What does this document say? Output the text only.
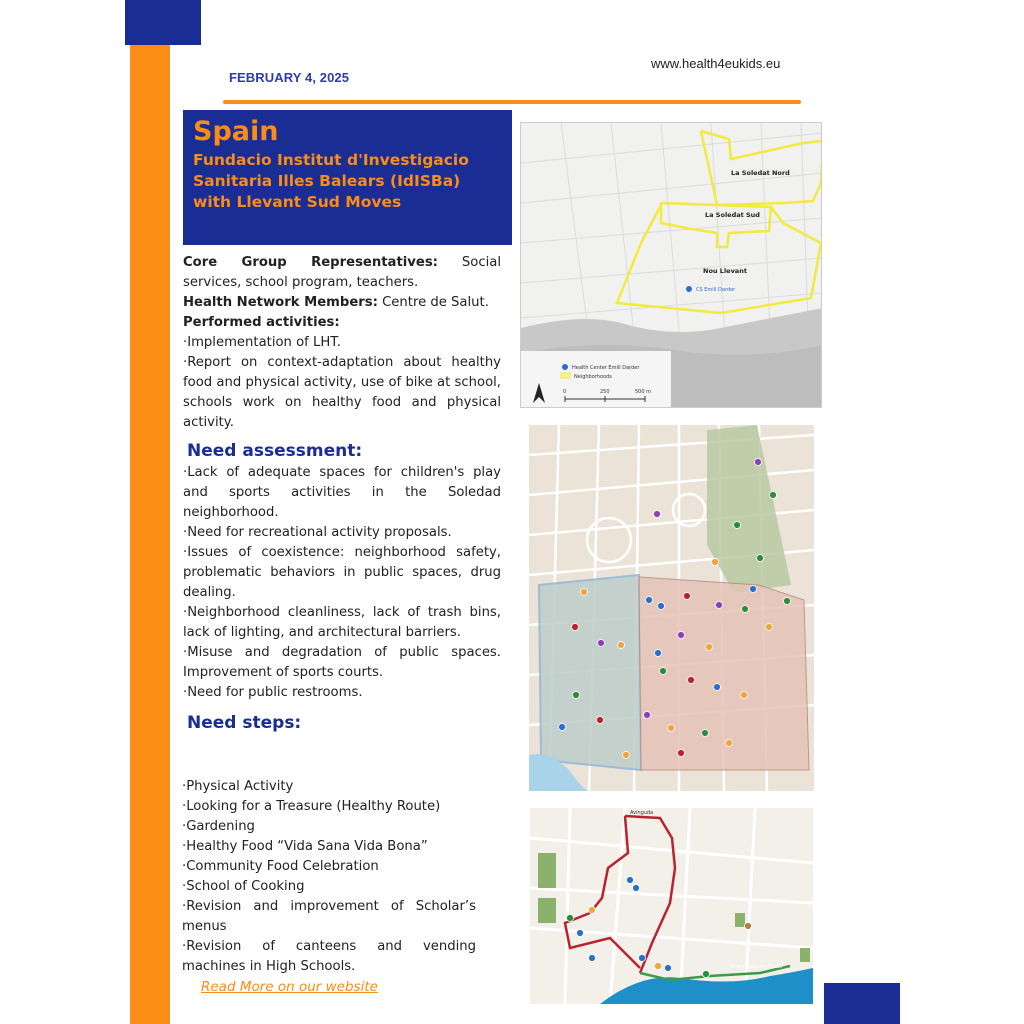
FEBRUARY 4, 2025
www.health4eukids.eu
Spain
Fundacio Institut d'Investigacio
Sanitaria Illes Balears (IdISBa)
with Llevant Sud Moves

Core Group Representatives: Social services, school program, teachers.

Health Network Members: Centre de Salut.

Performed activities:

·Implementation of LHT.

·Report on context-adaptation about healthy food and physical activity, use of bike at school, schools work on healthy food and physical activity.

Need assessment:

·Lack of adequate spaces for children's play and sports activities in the Soledad neighborhood.

·Need for recreational activity proposals.

·Issues of coexistence: neighborhood safety, problematic behaviors in public spaces, drug dealing.

·Neighborhood cleanliness, lack of trash bins, lack of lighting, and architectural barriers.

·Misuse and degradation of public spaces. Improvement of sports courts.

·Need for public restrooms.

Need steps:

·Physical Activity

·Looking for a Treasure (Healthy Route)

·Gardening

·Healthy Food “Vida Sana Vida Bona”

·Community Food Celebration

·School of Cooking

·Revision and improvement of Scholar’s menus

·Revision of canteens and vending machines in High Schools.

Read More on our website
La Soledat Nord
La Soledat Sud
Nou Llevant
CS Emili Darder
Health Center Emili Darder
Neighborhoods
0	250	500 m
Avinguda
Vicari Joaquim Fuster
